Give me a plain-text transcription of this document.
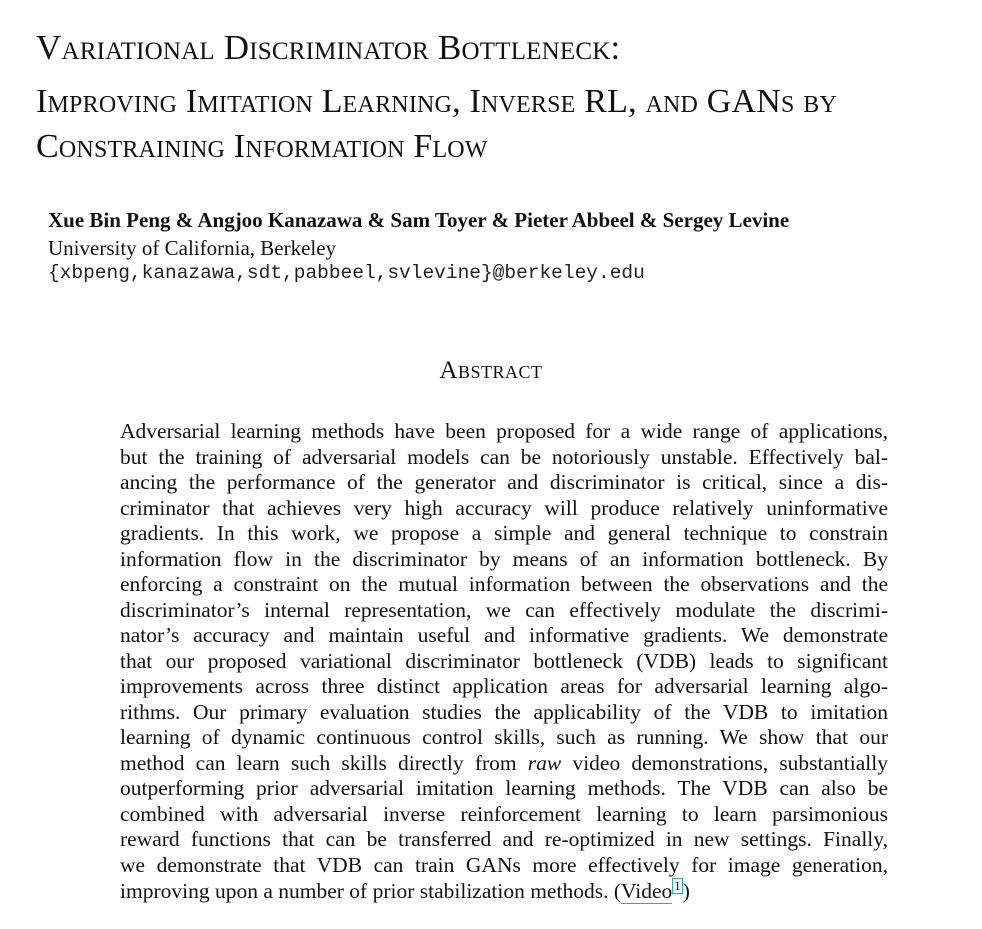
Variational Discriminator Bottleneck:
Improving Imitation Learning, Inverse RL, and GANs by
Constraining Information Flow
Xue Bin Peng & Angjoo Kanazawa & Sam Toyer & Pieter Abbeel & Sergey Levine
University of California, Berkeley
{xbpeng,kanazawa,sdt,pabbeel,svlevine}@berkeley.edu
Abstract
Adversarial learning methods have been proposed for a wide range of applications,
but the training of adversarial models can be notoriously unstable. Effectively bal-
ancing the performance of the generator and discriminator is critical, since a dis-
criminator that achieves very high accuracy will produce relatively uninformative
gradients. In this work, we propose a simple and general technique to constrain
information flow in the discriminator by means of an information bottleneck. By
enforcing a constraint on the mutual information between the observations and the
discriminator’s internal representation, we can effectively modulate the discrimi-
nator’s accuracy and maintain useful and informative gradients. We demonstrate
that our proposed variational discriminator bottleneck (VDB) leads to significant
improvements across three distinct application areas for adversarial learning algo-
rithms. Our primary evaluation studies the applicability of the VDB to imitation
learning of dynamic continuous control skills, such as running. We show that our
method can learn such skills directly from raw video demonstrations, substantially
outperforming prior adversarial imitation learning methods. The VDB can also be
combined with adversarial inverse reinforcement learning to learn parsimonious
reward functions that can be transferred and re-optimized in new settings. Finally,
we demonstrate that VDB can train GANs more effectively for image generation,
improving upon a number of prior stabilization methods. (Video 1)
